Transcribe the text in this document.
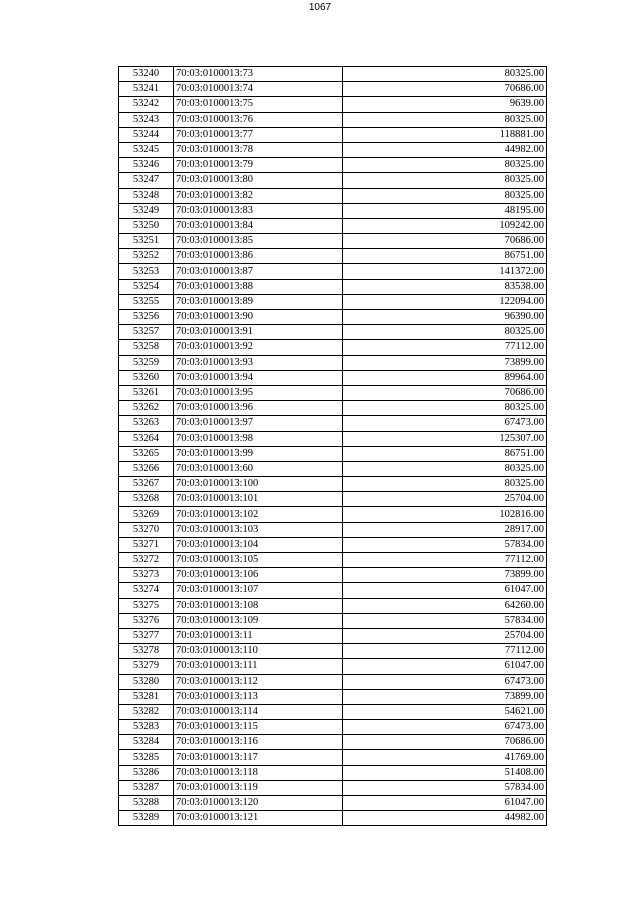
1067
53240	70:03:0100013:73	80325.00
53241	70:03:0100013:74	70686.00
53242	70:03:0100013:75	9639.00
53243	70:03:0100013:76	80325.00
53244	70:03:0100013:77	118881.00
53245	70:03:0100013:78	44982.00
53246	70:03:0100013:79	80325.00
53247	70:03:0100013:80	80325.00
53248	70:03:0100013:82	80325.00
53249	70:03:0100013:83	48195.00
53250	70:03:0100013:84	109242.00
53251	70:03:0100013:85	70686.00
53252	70:03:0100013:86	86751.00
53253	70:03:0100013:87	141372.00
53254	70:03:0100013:88	83538.00
53255	70:03:0100013:89	122094.00
53256	70:03:0100013:90	96390.00
53257	70:03:0100013:91	80325.00
53258	70:03:0100013:92	77112.00
53259	70:03:0100013:93	73899.00
53260	70:03:0100013:94	89964.00
53261	70:03:0100013:95	70686.00
53262	70:03:0100013:96	80325.00
53263	70:03:0100013:97	67473.00
53264	70:03:0100013:98	125307.00
53265	70:03:0100013:99	86751.00
53266	70:03:0100013:60	80325.00
53267	70:03:0100013:100	80325.00
53268	70:03:0100013:101	25704.00
53269	70:03:0100013:102	102816.00
53270	70:03:0100013:103	28917.00
53271	70:03:0100013:104	57834.00
53272	70:03:0100013:105	77112.00
53273	70:03:0100013:106	73899.00
53274	70:03:0100013:107	61047.00
53275	70:03:0100013:108	64260.00
53276	70:03:0100013:109	57834.00
53277	70:03:0100013:11	25704.00
53278	70:03:0100013:110	77112.00
53279	70:03:0100013:111	61047.00
53280	70:03:0100013:112	67473.00
53281	70:03:0100013:113	73899.00
53282	70:03:0100013:114	54621.00
53283	70:03:0100013:115	67473.00
53284	70:03:0100013:116	70686.00
53285	70:03:0100013:117	41769.00
53286	70:03:0100013:118	51408.00
53287	70:03:0100013:119	57834.00
53288	70:03:0100013:120	61047.00
53289	70:03:0100013:121	44982.00
